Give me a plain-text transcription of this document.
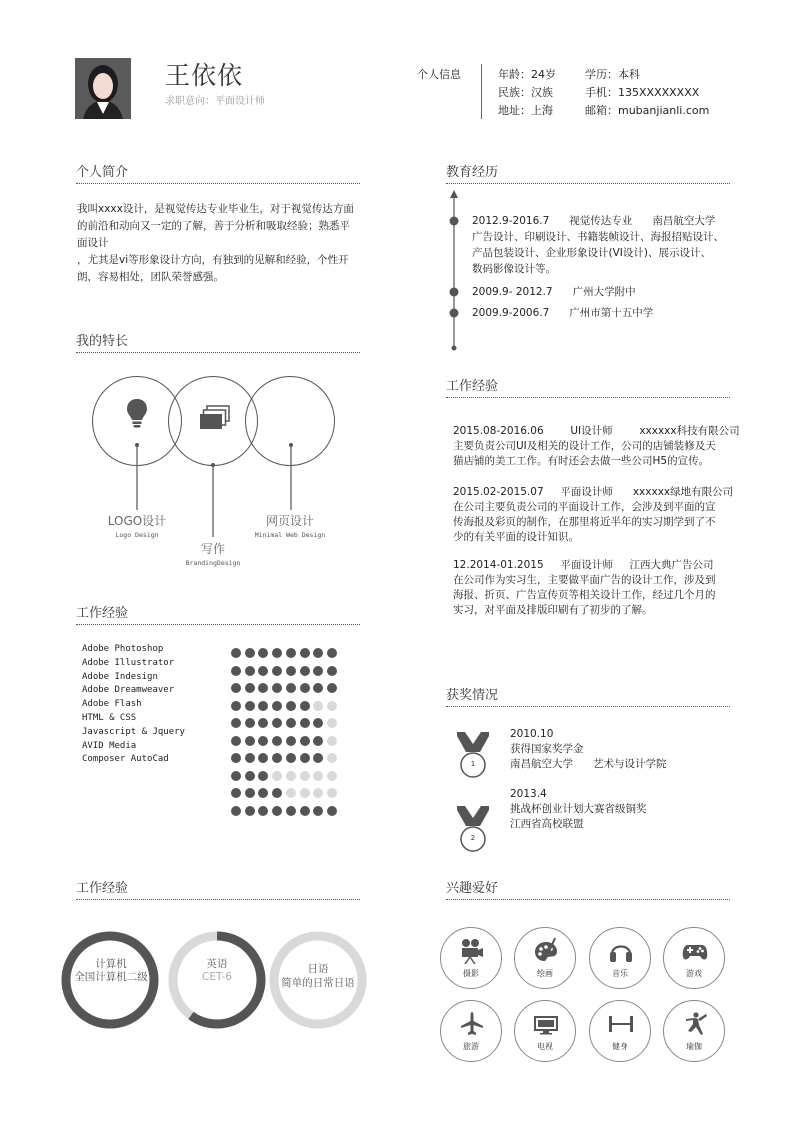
王依依
求职意向：平面设计师
个人信息	年龄：24岁	学历：本科
民族：汉族	手机：135XXXXXXXX
地址：上海	邮箱：mubanjianli.com
个人简介
我叫xxxx设计，是视觉传达专业毕业生，对于视觉传达方面
的前沿和动向又一定的了解，善于分析和吸取经验；熟悉平
面设计
，尤其是vi等形象设计方向，有独到的见解和经验，个性开
朗，容易相处，团队荣誉感强。
我的特长
LOGO设计
Logo Design
写作
BrandingDesign
网页设计
Minimal Web Design
工作经验
Adobe Photoshop
Adobe Illustrator
Adobe Indesign
Adobe Dreamweaver
Adobe Flash
HTML & CSS
Javascript & Jquery
AVID Media
Composer AutoCad
工作经验
计算机
全国计算机二级
英语
CET-6
日语
简单的日常日语
教育经历
2012.9-2016.7      视觉传达专业      南昌航空大学
广告设计、印刷设计、书籍装帧设计、海报招贴设计、
产品包装设计、企业形象设计(VI设计)、展示设计、
数码影像设计等。
2009.9- 2012.7      广州大学附中
2009.9-2006.7      广州市第十五中学
工作经验
2015.08-2016.06        UI设计师        xxxxxx科技有限公司
主要负责公司UI及相关的设计工作，公司的店铺装修及天
猫店铺的美工工作。有时还会去做一些公司H5的宣传。
2015.02-2015.07     平面设计师      xxxxxx绿地有限公司
在公司主要负责公司的平面设计工作，会涉及到平面的宣
传海报及彩页的制作，在那里将近半年的实习期学到了不
少的有关平面的设计知识。
12.2014-01.2015     平面设计师     江西大典广告公司
在公司作为实习生，主要做平面广告的设计工作，涉及到
海报、折页、广告宣传页等相关设计工作，经过几个月的
实习，对平面及排版印刷有了初步的了解。
获奖情况
1
2010.10
获得国家奖学金
南昌航空大学      艺术与设计学院
2
2013.4
挑战杯创业计划大赛省级铜奖
江西省高校联盟
兴趣爱好
摄影	绘画	音乐	游戏
旅游	电视	健身	瑜伽
